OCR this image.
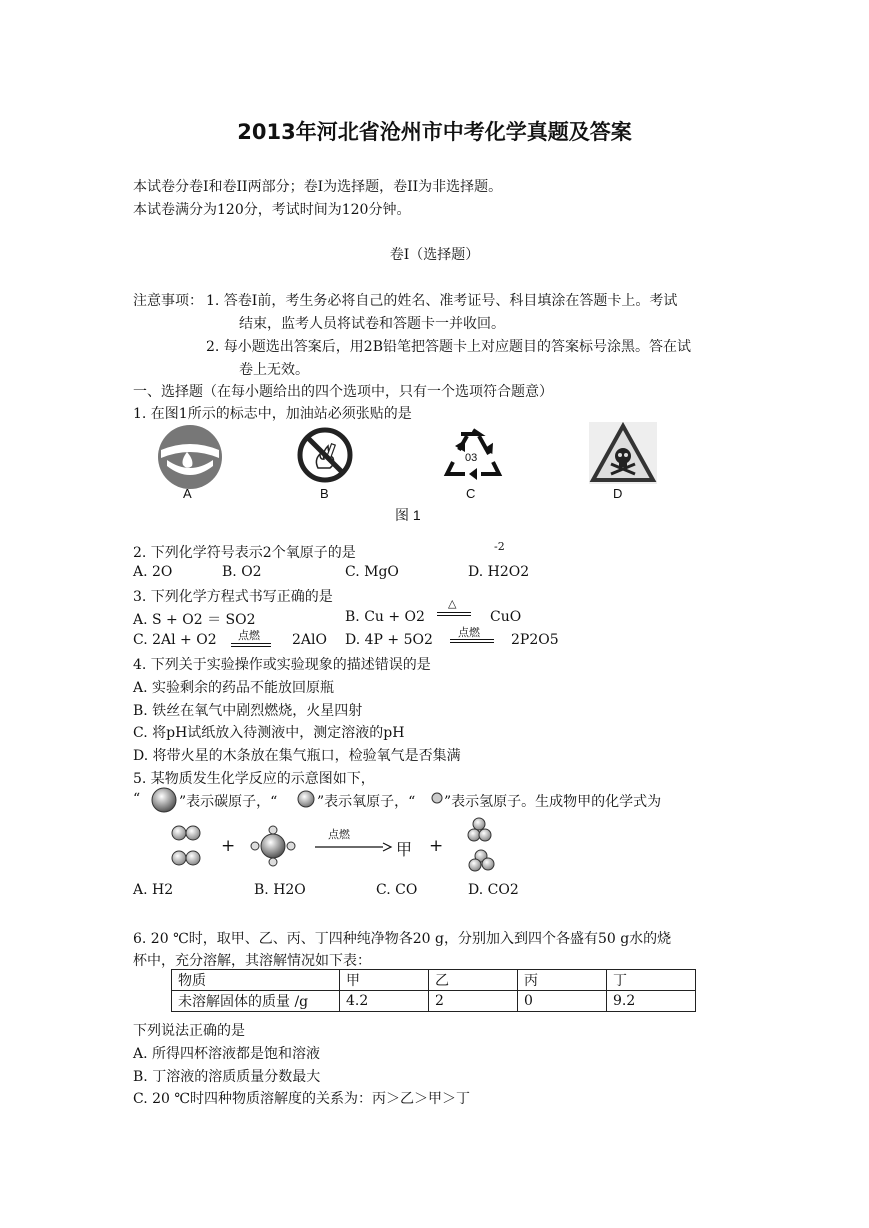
2013年河北省沧州市中考化学真题及答案
本试卷分卷Ⅰ和卷II两部分；卷Ⅰ为选择题，卷II为非选择题。
本试卷满分为120分，考试时间为120分钟。
卷Ⅰ（选择题）
注意事项： 1. 答卷Ⅰ前，考生务必将自己的姓名、准考证号、科目填涂在答题卡上。考试
结束，监考人员将试卷和答题卡一并收回。
2. 每小题选出答案后，用2B铅笔把答题卡上对应题目的答案标号涂黑。答在试
卷上无效。
一、选择题（在每小题给出的四个选项中，只有一个选项符合题意）
1. 在图1所示的标志中，加油站必须张贴的是
A	B
03
C	D
图 1
2. 下列化学符号表示2个氧原子的是	-2
A. 2O	B. O2	C. MgO	D. H2O2
3. 下列化学方程式书写正确的是
A. S + O2 ＝ SO2	B. Cu + O2
△
CuO
C. 2Al + O2 点燃 2AlO D. 4P + 5O2 点燃 2P2O5
4. 下列关于实验操作或实验现象的描述错误的是
A. 实验剩余的药品不能放回原瓶
B. 铁丝在氧气中剧烈燃烧，火星四射
C. 将pH试纸放入待测液中，测定溶液的pH
D. 将带火星的木条放在集气瓶口，检验氧气是否集满
5. 某物质发生化学反应的示意图如下，
“	”表示碳原子，“	”表示氧原子，“ ”表示氢原子。生成物甲的化学式为
+
点燃
甲 +
A. H2	B. H2O	C. CO	D. CO2
6. 20 ℃时，取甲、乙、丙、丁四种纯净物各20 g，分别加入到四个各盛有50 g水的烧
杯中，充分溶解，其溶解情况如下表：
物质	甲	乙	丙	丁
未溶解固体的质量 /g	4.2	2	0	9.2
下列说法正确的是
A. 所得四杯溶液都是饱和溶液
B. 丁溶液的溶质质量分数最大
C. 20 ℃时四种物质溶解度的关系为：丙＞乙＞甲＞丁
